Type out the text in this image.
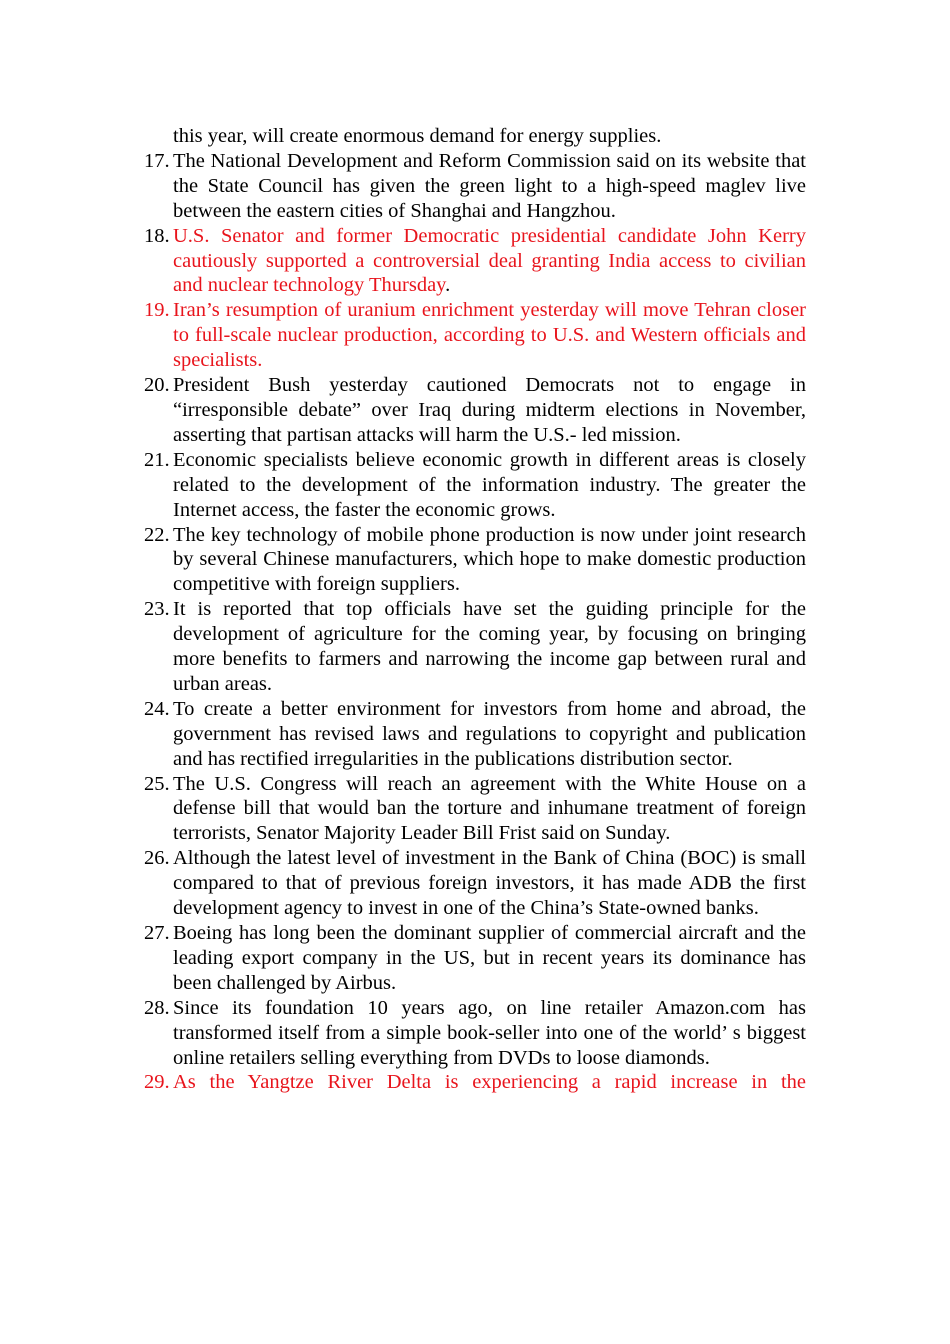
this year, will create enormous demand for energy supplies.
17. The National Development and Reform Commission said on its website that the State Council has given the green light to a high-speed maglev live between the eastern cities of Shanghai and Hangzhou.
18. U.S. Senator and former Democratic presidential candidate John Kerry cautiously supported a controversial deal granting India access to civilian and nuclear technology Thursday.
19. Iran’s resumption of uranium enrichment yesterday will move Tehran closer to full-scale nuclear production, according to U.S. and Western officials and specialists.
20. President Bush yesterday cautioned Democrats not to engage in “irresponsible debate” over Iraq during midterm elections in November, asserting that partisan attacks will harm the U.S.- led mission.
21. Economic specialists believe economic growth in different areas is closely related to the development of the information industry. The greater the Internet access, the faster the economic grows.
22. The key technology of mobile phone production is now under joint research by several Chinese manufacturers, which hope to make domestic production competitive with foreign suppliers.
23. It is reported that top officials have set the guiding principle for the development of agriculture for the coming year, by focusing on bringing more benefits to farmers and narrowing the income gap between rural and urban areas.
24. To create a better environment for investors from home and abroad, the government has revised laws and regulations to copyright and publication and has rectified irregularities in the publications distribution sector.
25. The U.S. Congress will reach an agreement with the White House on a defense bill that would ban the torture and inhumane treatment of foreign terrorists, Senator Majority Leader Bill Frist said on Sunday.
26. Although the latest level of investment in the Bank of China (BOC) is small compared to that of previous foreign investors, it has made ADB the first development agency to invest in one of the China’s State-owned banks.
27. Boeing has long been the dominant supplier of commercial aircraft and the leading export company in the US, but in recent years its dominance has been challenged by Airbus.
28. Since its foundation 10 years ago, on line retailer Amazon.com has transformed itself from a simple book-seller into one of the world’ s biggest online retailers selling everything from DVDs to loose diamonds.
29. As the Yangtze River Delta is experiencing a rapid increase in the
